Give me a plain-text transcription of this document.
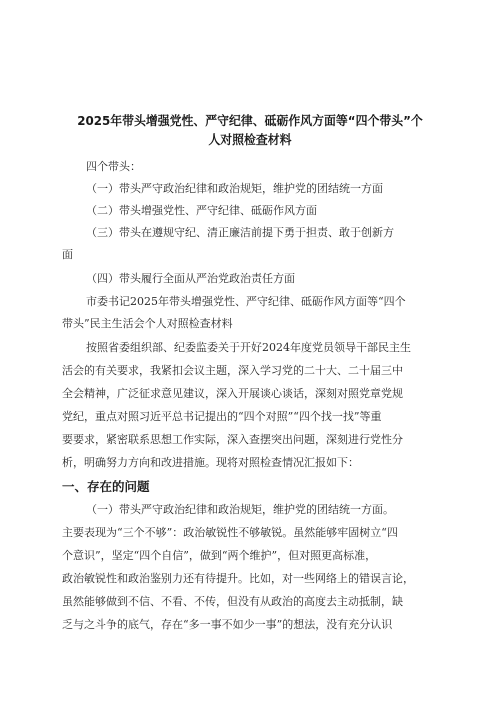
2025年带头增强党性、严守纪律、砥砺作风方面等“四个带头”个
人对照检查材料
四个带头：
（一）带头严守政治纪律和政治规矩，维护党的团结统一方面
（二）带头增强党性、严守纪律、砥砺作风方面
（三）带头在遵规守纪、清正廉洁前提下勇于担责、敢于创新方
面
（四）带头履行全面从严治党政治责任方面
市委书记2025年带头增强党性、严守纪律、砥砺作风方面等“四个
带头”民主生活会个人对照检查材料
按照省委组织部、纪委监委关于开好2024年度党员领导干部民主生
活会的有关要求，我紧扣会议主题，深入学习党的二十大、二十届三中
全会精神，广泛征求意见建议，深入开展谈心谈话，深刻对照党章党规
党纪，重点对照习近平总书记提出的“四个对照”“四个找一找”等重
要要求，紧密联系思想工作实际，深入查摆突出问题，深刻进行党性分
析，明确努力方向和改进措施。现将对照检查情况汇报如下：
一、存在的问题
（一）带头严守政治纪律和政治规矩，维护党的团结统一方面。
主要表现为“三个不够”：政治敏锐性不够敏锐。虽然能够牢固树立“四
个意识”，坚定“四个自信”，做到“两个维护”，但对照更高标准，
政治敏锐性和政治鉴别力还有待提升。比如，对一些网络上的错误言论，
虽然能够做到不信、不看、不传，但没有从政治的高度去主动抵制，缺
乏与之斗争的底气，存在“多一事不如少一事”的想法，没有充分认识
